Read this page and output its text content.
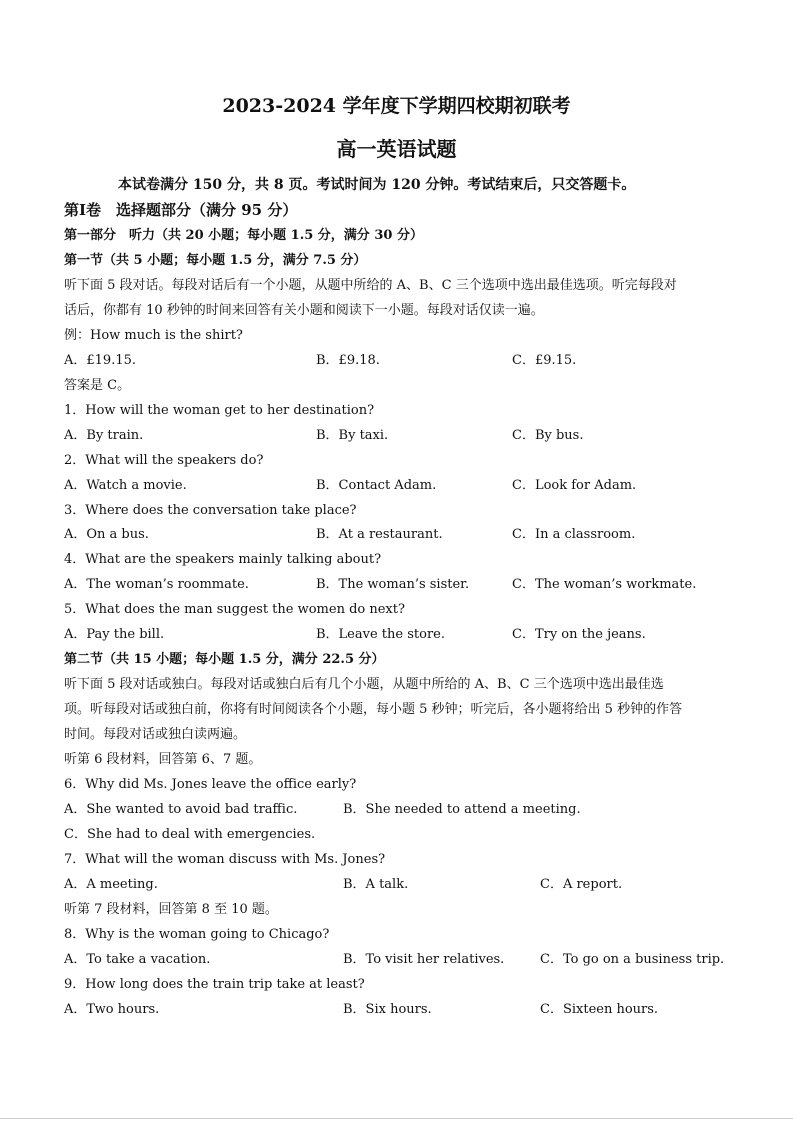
2023-2024 学年度下学期四校期初联考
高一英语试题
本试卷满分 150 分，共 8 页。考试时间为 120 分钟。考试结束后，只交答题卡。
第Ⅰ卷　选择题部分（满分 95 分）
第一部分　听力（共 20 小题；每小题 1.5 分，满分 30 分）
第一节（共 5 小题；每小题 1.5 分，满分 7.5 分）
听下面 5 段对话。每段对话后有一个小题，从题中所给的 A、B、C 三个选项中选出最佳选项。听完每段对
话后，你都有 10 秒钟的时间来回答有关小题和阅读下一小题。每段对话仅读一遍。
例：How much is the shirt?
A．£19.15.	B．£9.18.	C．£9.15.
答案是 C。
1．How will the woman get to her destination?
A．By train.	B．By taxi.	C．By bus.
2．What will the speakers do?
A．Watch a movie.	B．Contact Adam.	C．Look for Adam.
3．Where does the conversation take place?
A．On a bus.	B．At a restaurant.	C．In a classroom.
4．What are the speakers mainly talking about?
A．The woman’s roommate.	B．The woman’s sister.	C．The woman’s workmate.
5．What does the man suggest the women do next?
A．Pay the bill.	B．Leave the store.	C．Try on the jeans.
第二节（共 15 小题；每小题 1.5 分，满分 22.5 分）
听下面 5 段对话或独白。每段对话或独白后有几个小题，从题中所给的 A、B、C 三个选项中选出最佳选
项。听每段对话或独白前，你将有时间阅读各个小题，每小题 5 秒钟；听完后，各小题将给出 5 秒钟的作答
时间。每段对话或独白读两遍。
听第 6 段材料，回答第 6、7 题。
6．Why did Ms. Jones leave the office early?
A．She wanted to avoid bad traffic.	B．She needed to attend a meeting.
C．She had to deal with emergencies.
7．What will the woman discuss with Ms. Jones?
A．A meeting.	B．A talk.	C．A report.
听第 7 段材料，回答第 8 至 10 题。
8．Why is the woman going to Chicago?
A．To take a vacation.	B．To visit her relatives.	C．To go on a business trip.
9．How long does the train trip take at least?
A．Two hours.	B．Six hours.	C．Sixteen hours.
